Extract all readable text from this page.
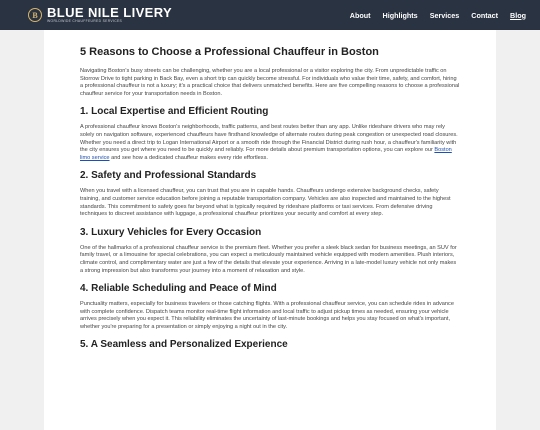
B BLUE NILE LIVERY
WORLDWIDE CHAUFFEURED SERVICES
About Highlights Services Contact Blog
5 Reasons to Choose a Professional Chauffeur in Boston

Navigating Boston's busy streets can be challenging, whether you are a local professional or a visitor exploring the city. From unpredictable traffic on Storrow Drive to tight parking in Back Bay, even a short trip can quickly become stressful. For individuals who value their time, safety, and comfort, hiring a professional chauffeur is not a luxury; it's a practical choice that delivers unmatched benefits. Here are five compelling reasons to choose a professional chauffeur service for your transportation needs in Boston.

1. Local Expertise and Efficient Routing

A professional chauffeur knows Boston's neighborhoods, traffic patterns, and best routes better than any app. Unlike rideshare drivers who may rely solely on navigation software, experienced chauffeurs have firsthand knowledge of alternate routes during peak congestion or unexpected road closures. Whether you need a direct trip to Logan International Airport or a smooth ride through the Financial District during rush hour, a chauffeur's familiarity with the city ensures you get where you need to be quickly and reliably. For more details about premium transportation options, you can explore our Boston limo service and see how a dedicated chauffeur makes every ride effortless.

2. Safety and Professional Standards

When you travel with a licensed chauffeur, you can trust that you are in capable hands. Chauffeurs undergo extensive background checks, safety training, and customer service education before joining a reputable transportation company. Vehicles are also inspected and maintained to the highest standards. This commitment to safety goes far beyond what is typically required by rideshare platforms or taxi services. From defensive driving techniques to discreet assistance with luggage, a professional chauffeur prioritizes your security and comfort at every step.

3. Luxury Vehicles for Every Occasion

One of the hallmarks of a professional chauffeur service is the premium fleet. Whether you prefer a sleek black sedan for business meetings, an SUV for family travel, or a limousine for special celebrations, you can expect a meticulously maintained vehicle equipped with modern amenities. Plush interiors, climate control, and complimentary water are just a few of the details that elevate your experience. Arriving in a late-model luxury vehicle not only makes a strong impression but also transforms your journey into a moment of relaxation and style.

4. Reliable Scheduling and Peace of Mind

Punctuality matters, especially for business travelers or those catching flights. With a professional chauffeur service, you can schedule rides in advance with complete confidence. Dispatch teams monitor real-time flight information and local traffic to adjust pickup times as needed, ensuring your vehicle arrives precisely when you expect it. This reliability eliminates the uncertainty of last-minute bookings and helps you stay focused on what's important, whether you're preparing for a presentation or simply enjoying a night out in the city.

5. A Seamless and Personalized Experience
